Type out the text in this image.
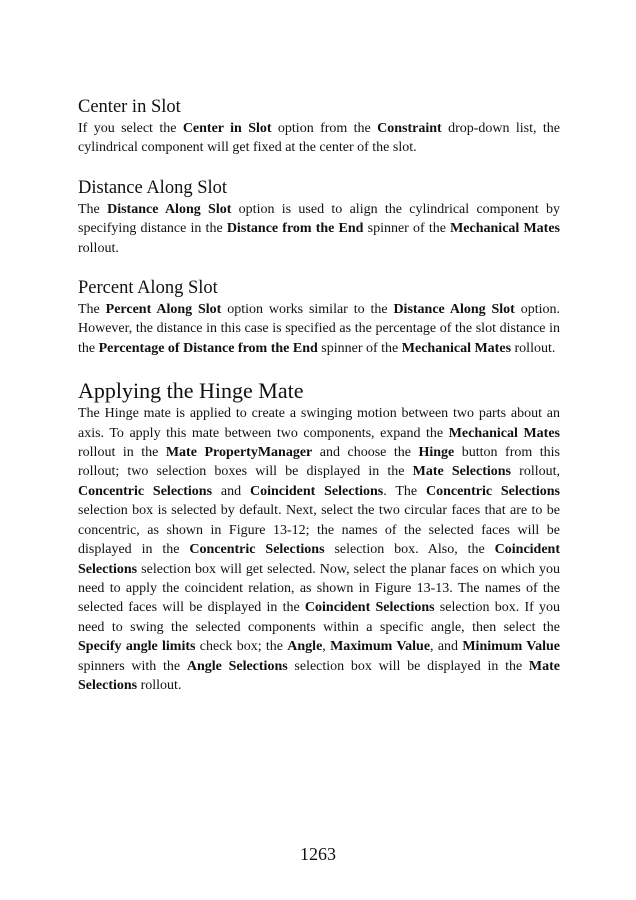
Center in Slot

If you select the Center in Slot option from the Constraint drop-down list, the cylindrical component will get fixed at the center of the slot.

Distance Along Slot

The Distance Along Slot option is used to align the cylindrical component by specifying distance in the Distance from the End spinner of the Mechanical Mates rollout.

Percent Along Slot

The Percent Along Slot option works similar to the Distance Along Slot option. However, the distance in this case is specified as the percentage of the slot distance in the Percentage of Distance from the End spinner of the Mechanical Mates rollout.

Applying the Hinge Mate

The Hinge mate is applied to create a swinging motion between two parts about an axis. To apply this mate between two components, expand the Mechanical Mates rollout in the Mate PropertyManager and choose the Hinge button from this rollout; two selection boxes will be displayed in the Mate Selections rollout, Concentric Selections and Coincident Selections. The Concentric Selections selection box is selected by default. Next, select the two circular faces that are to be concentric, as shown in Figure 13-12; the names of the selected faces will be displayed in the Concentric Selections selection box. Also, the Coincident Selections selection box will get selected. Now, select the planar faces on which you need to apply the coincident relation, as shown in Figure 13-13. The names of the selected faces will be displayed in the Coincident Selections selection box. If you need to swing the selected components within a specific angle, then select the Specify angle limits check box; the Angle, Maximum Value, and Minimum Value spinners with the Angle Selections selection box will be displayed in the Mate Selections rollout.

1263
